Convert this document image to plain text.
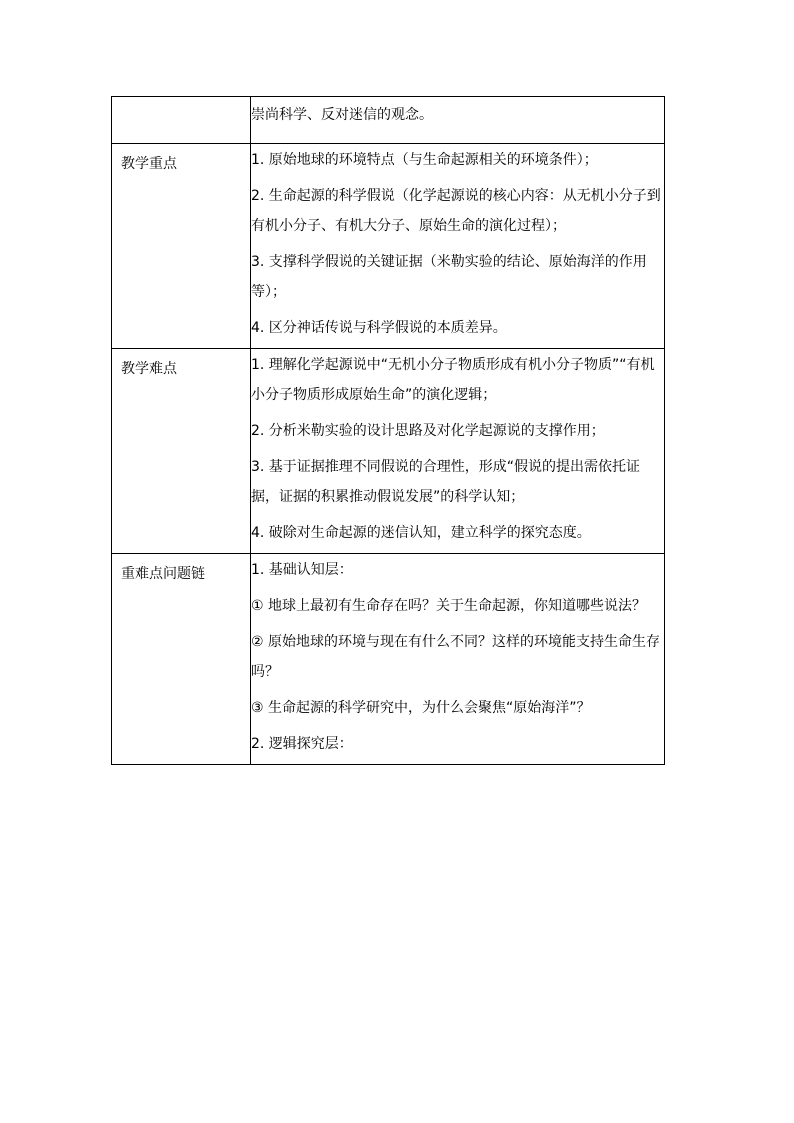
	崇尚科学、反对迷信的观念。

教学重点	1. 原始地球的环境特点（与生命起源相关的环境条件）；

2. 生命起源的科学假说（化学起源说的核心内容：从无机小分子到有机小分子、有机大分子、原始生命的演化过程）；

3. 支撑科学假说的关键证据（米勒实验的结论、原始海洋的作用等）；

4. 区分神话传说与科学假说的本质差异。

教学难点	1. 理解化学起源说中“无机小分子物质形成有机小分子物质”“有机小分子物质形成原始生命”的演化逻辑；

2. 分析米勒实验的设计思路及对化学起源说的支撑作用；

3. 基于证据推理不同假说的合理性，形成“假说的提出需依托证据，证据的积累推动假说发展”的科学认知；

4. 破除对生命起源的迷信认知，建立科学的探究态度。

重难点问题链	1. 基础认知层：

① 地球上最初有生命存在吗？关于生命起源，你知道哪些说法？

② 原始地球的环境与现在有什么不同？这样的环境能支持生命生存吗？

③ 生命起源的科学研究中，为什么会聚焦“原始海洋”？

2. 逻辑探究层：
